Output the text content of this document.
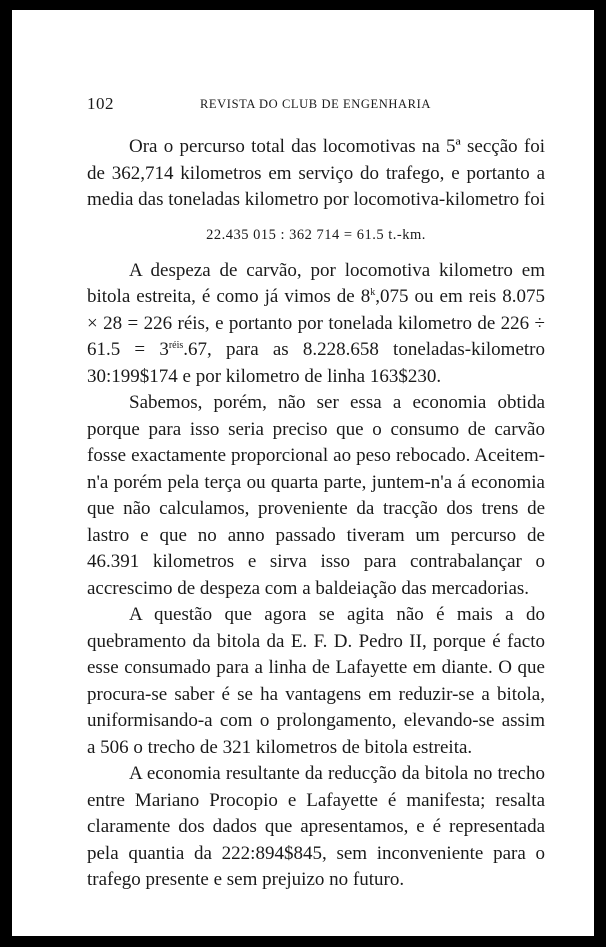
102	REVISTA DO CLUB DE ENGENHARIA

Ora o percurso total das locomotivas na 5ª secção foi de 362,714 kilometros em serviço do trafego, e portanto a media das toneladas kilometro por locomotiva-kilometro foi

22.435 015 : 362 714 = 61.5 t.-km.

A despeza de carvão, por locomotiva kilometro em bitola estreita, é como já vimos de 8$^k$,075 ou em reis 8.075 × 28 = 226 réis, e portanto por tonelada kilometro de $226 \div 61.5 = 3^{réis}.67$, para as 8.228.658 toneladas-kilometro 30:199$174 e por kilometro de linha 163$230.

Sabemos, porém, não ser essa a economia obtida porque para isso seria preciso que o consumo de carvão fosse exactamente proporcional ao peso rebocado. Aceitem-n'a porém pela terça ou quarta parte, juntem-n'a á economia que não calculamos, proveniente da tracção dos trens de lastro e que no anno passado tiveram um percurso de 46.391 kilometros e sirva isso para contrabalançar o accrescimo de despeza com a baldeiação das mercadorias.

A questão que agora se agita não é mais a do quebramento da bitola da E. F. D. Pedro II, porque é facto esse consumado para a linha de Lafayette em diante. O que procura-se saber é se ha vantagens em reduzir-se a bitola, uniformisando-a com o prolongamento, elevando-se assim a 506 o trecho de 321 kilometros de bitola estreita.

A economia resultante da reducção da bitola no trecho entre Mariano Procopio e Lafayette é manifesta; resalta claramente dos dados que apresentamos, e é representada pela quantia da 222:894$845, sem inconveniente para o trafego presente e sem prejuizo no futuro.
